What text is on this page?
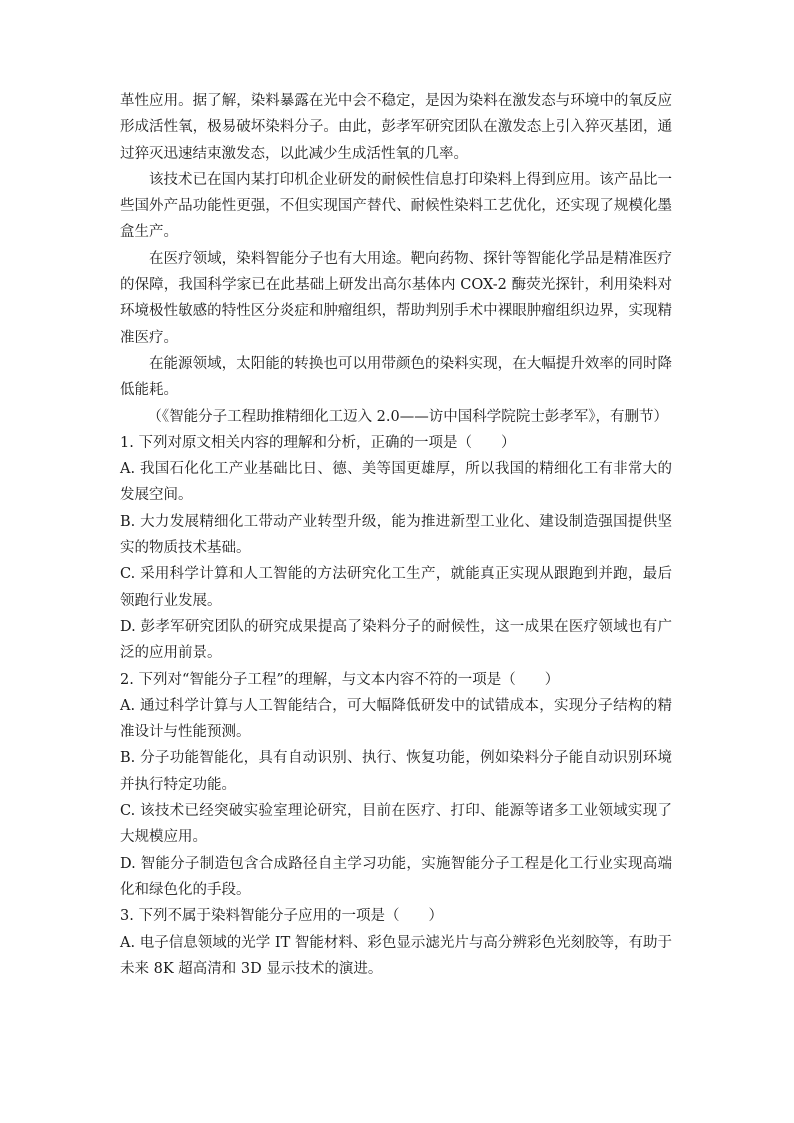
革性应用。据了解，染料暴露在光中会不稳定，是因为染料在激发态与环境中的氧反应形成活性氧，极易破坏染料分子。由此，彭孝军研究团队在激发态上引入猝灭基团，通过猝灭迅速结束激发态，以此减少生成活性氧的几率。

该技术已在国内某打印机企业研发的耐候性信息打印染料上得到应用。该产品比一些国外产品功能性更强，不但实现国产替代、耐候性染料工艺优化，还实现了规模化墨盒生产。

在医疗领域，染料智能分子也有大用途。靶向药物、探针等智能化学品是精准医疗的保障，我国科学家已在此基础上研发出高尔基体内 COX-2 酶荧光探针，利用染料对环境极性敏感的特性区分炎症和肿瘤组织，帮助判别手术中裸眼肿瘤组织边界，实现精准医疗。

在能源领域，太阳能的转换也可以用带颜色的染料实现，在大幅提升效率的同时降低能耗。

（《智能分子工程助推精细化工迈入 2.0——访中国科学院院士彭孝军》，有删节）

1. 下列对原文相关内容的理解和分析，正确的一项是（　　）

A. 我国石化化工产业基础比日、德、美等国更雄厚，所以我国的精细化工有非常大的发展空间。

B. 大力发展精细化工带动产业转型升级，能为推进新型工业化、建设制造强国提供坚实的物质技术基础。

C. 采用科学计算和人工智能的方法研究化工生产，就能真正实现从跟跑到并跑，最后领跑行业发展。

D. 彭孝军研究团队的研究成果提高了染料分子的耐候性，这一成果在医疗领域也有广泛的应用前景。

2. 下列对“智能分子工程”的理解，与文本内容不符的一项是（　　）

A. 通过科学计算与人工智能结合，可大幅降低研发中的试错成本，实现分子结构的精准设计与性能预测。

B. 分子功能智能化，具有自动识别、执行、恢复功能，例如染料分子能自动识别环境并执行特定功能。

C. 该技术已经突破实验室理论研究，目前在医疗、打印、能源等诸多工业领域实现了大规模应用。

D. 智能分子制造包含合成路径自主学习功能，实施智能分子工程是化工行业实现高端化和绿色化的手段。

3. 下列不属于染料智能分子应用的一项是（　　）

A. 电子信息领域的光学 IT 智能材料、彩色显示滤光片与高分辨彩色光刻胶等，有助于未来 8K 超高清和 3D 显示技术的演进。
